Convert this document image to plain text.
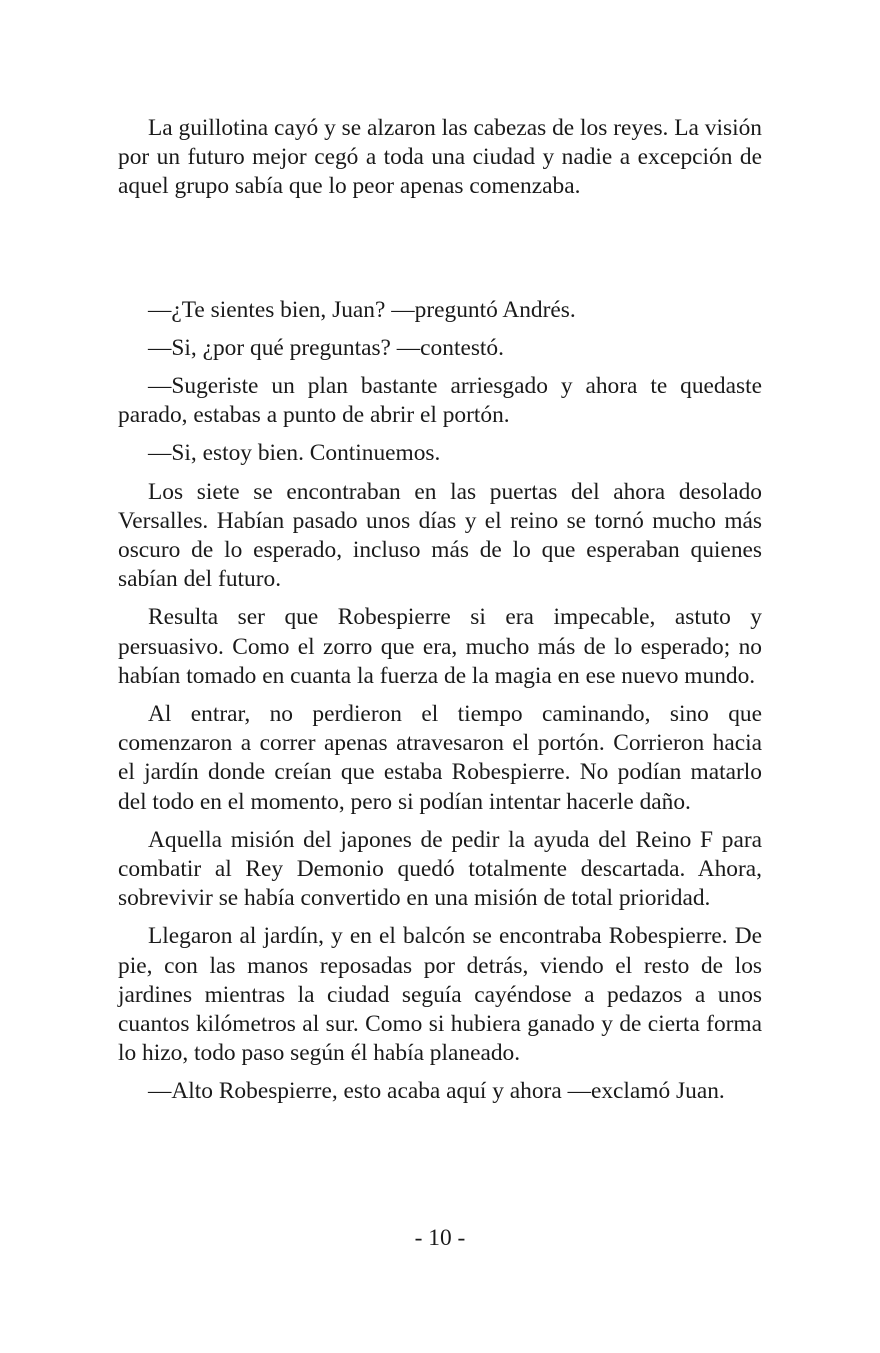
La guillotina cayó y se alzaron las cabezas de los reyes. La visión por un futuro mejor cegó a toda una ciudad y nadie a excepción de aquel grupo sabía que lo peor apenas comenzaba.

—¿Te sientes bien, Juan? —preguntó Andrés.

—Si, ¿por qué preguntas? —contestó.

—Sugeriste un plan bastante arriesgado y ahora te quedaste parado, estabas a punto de abrir el portón.

—Si, estoy bien. Continuemos.

Los siete se encontraban en las puertas del ahora desolado Versalles. Habían pasado unos días y el reino se tornó mucho más oscuro de lo esperado, incluso más de lo que esperaban quienes sabían del futuro.

Resulta ser que Robespierre si era impecable, astuto y persuasivo. Como el zorro que era, mucho más de lo esperado; no habían tomado en cuanta la fuerza de la magia en ese nuevo mundo.

Al entrar, no perdieron el tiempo caminando, sino que comenzaron a correr apenas atravesaron el portón. Corrieron hacia el jardín donde creían que estaba Robespierre. No podían matarlo del todo en el momento, pero si podían intentar hacerle daño.

Aquella misión del japones de pedir la ayuda del Reino F para combatir al Rey Demonio quedó totalmente descartada. Ahora, sobrevivir se había convertido en una misión de total prioridad.

Llegaron al jardín, y en el balcón se encontraba Robespierre. De pie, con las manos reposadas por detrás, viendo el resto de los jardines mientras la ciudad seguía cayéndose a pedazos a unos cuantos kilómetros al sur. Como si hubiera ganado y de cierta forma lo hizo, todo paso según él había planeado.

—Alto Robespierre, esto acaba aquí y ahora —exclamó Juan.

- 10 -
